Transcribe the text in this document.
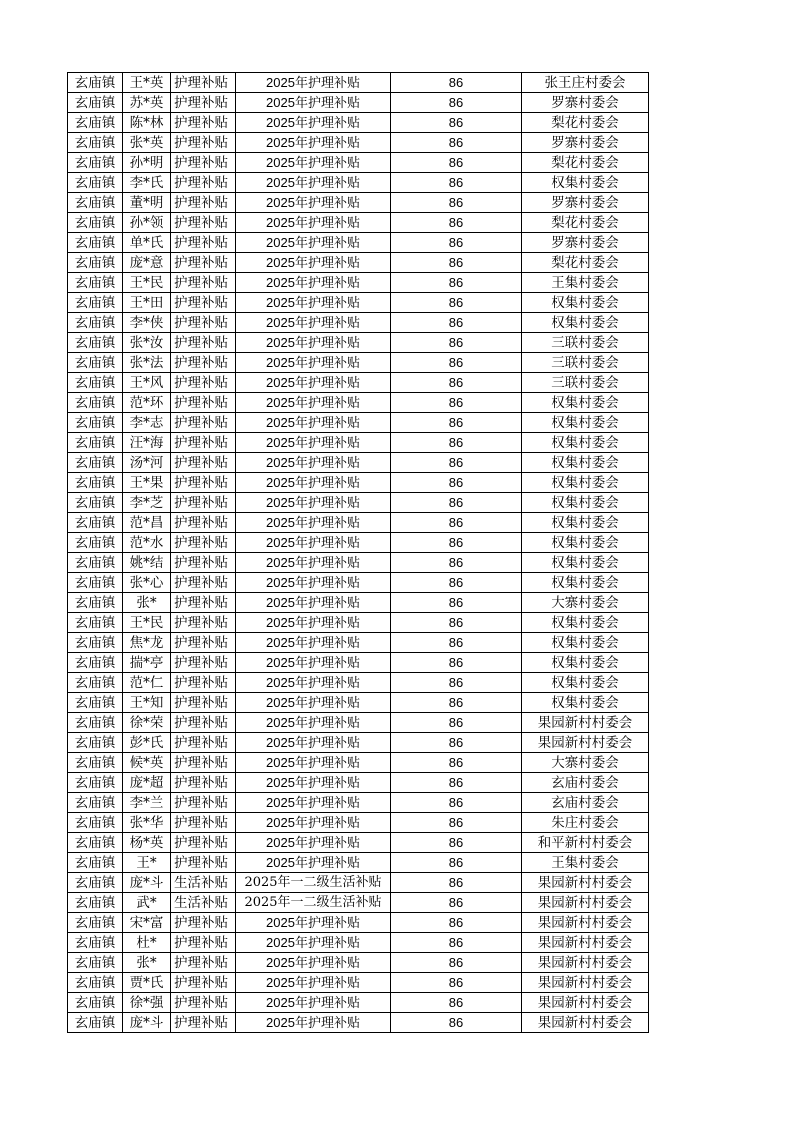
玄庙镇	王*英	护理补贴	2025年护理补贴	86	张王庄村委会
玄庙镇	苏*英	护理补贴	2025年护理补贴	86	罗寨村委会
玄庙镇	陈*林	护理补贴	2025年护理补贴	86	梨花村委会
玄庙镇	张*英	护理补贴	2025年护理补贴	86	罗寨村委会
玄庙镇	孙*明	护理补贴	2025年护理补贴	86	梨花村委会
玄庙镇	李*氏	护理补贴	2025年护理补贴	86	权集村委会
玄庙镇	董*明	护理补贴	2025年护理补贴	86	罗寨村委会
玄庙镇	孙*领	护理补贴	2025年护理补贴	86	梨花村委会
玄庙镇	单*氏	护理补贴	2025年护理补贴	86	罗寨村委会
玄庙镇	庞*意	护理补贴	2025年护理补贴	86	梨花村委会
玄庙镇	王*民	护理补贴	2025年护理补贴	86	王集村委会
玄庙镇	王*田	护理补贴	2025年护理补贴	86	权集村委会
玄庙镇	李*侠	护理补贴	2025年护理补贴	86	权集村委会
玄庙镇	张*汝	护理补贴	2025年护理补贴	86	三联村委会
玄庙镇	张*法	护理补贴	2025年护理补贴	86	三联村委会
玄庙镇	王*风	护理补贴	2025年护理补贴	86	三联村委会
玄庙镇	范*环	护理补贴	2025年护理补贴	86	权集村委会
玄庙镇	李*志	护理补贴	2025年护理补贴	86	权集村委会
玄庙镇	汪*海	护理补贴	2025年护理补贴	86	权集村委会
玄庙镇	汤*河	护理补贴	2025年护理补贴	86	权集村委会
玄庙镇	王*果	护理补贴	2025年护理补贴	86	权集村委会
玄庙镇	李*芝	护理补贴	2025年护理补贴	86	权集村委会
玄庙镇	范*昌	护理补贴	2025年护理补贴	86	权集村委会
玄庙镇	范*水	护理补贴	2025年护理补贴	86	权集村委会
玄庙镇	姚*结	护理补贴	2025年护理补贴	86	权集村委会
玄庙镇	张*心	护理补贴	2025年护理补贴	86	权集村委会
玄庙镇	张*	护理补贴	2025年护理补贴	86	大寨村委会
玄庙镇	王*民	护理补贴	2025年护理补贴	86	权集村委会
玄庙镇	焦*龙	护理补贴	2025年护理补贴	86	权集村委会
玄庙镇	揣*亭	护理补贴	2025年护理补贴	86	权集村委会
玄庙镇	范*仁	护理补贴	2025年护理补贴	86	权集村委会
玄庙镇	王*知	护理补贴	2025年护理补贴	86	权集村委会
玄庙镇	徐*荣	护理补贴	2025年护理补贴	86	果园新村村委会
玄庙镇	彭*氏	护理补贴	2025年护理补贴	86	果园新村村委会
玄庙镇	候*英	护理补贴	2025年护理补贴	86	大寨村委会
玄庙镇	庞*超	护理补贴	2025年护理补贴	86	玄庙村委会
玄庙镇	李*兰	护理补贴	2025年护理补贴	86	玄庙村委会
玄庙镇	张*华	护理补贴	2025年护理补贴	86	朱庄村委会
玄庙镇	杨*英	护理补贴	2025年护理补贴	86	和平新村村委会
玄庙镇	王*	护理补贴	2025年护理补贴	86	王集村委会
玄庙镇	庞*斗	生活补贴	2025年一二级生活补贴	86	果园新村村委会
玄庙镇	武*	生活补贴	2025年一二级生活补贴	86	果园新村村委会
玄庙镇	宋*富	护理补贴	2025年护理补贴	86	果园新村村委会
玄庙镇	杜*	护理补贴	2025年护理补贴	86	果园新村村委会
玄庙镇	张*	护理补贴	2025年护理补贴	86	果园新村村委会
玄庙镇	贾*氏	护理补贴	2025年护理补贴	86	果园新村村委会
玄庙镇	徐*强	护理补贴	2025年护理补贴	86	果园新村村委会
玄庙镇	庞*斗	护理补贴	2025年护理补贴	86	果园新村村委会
